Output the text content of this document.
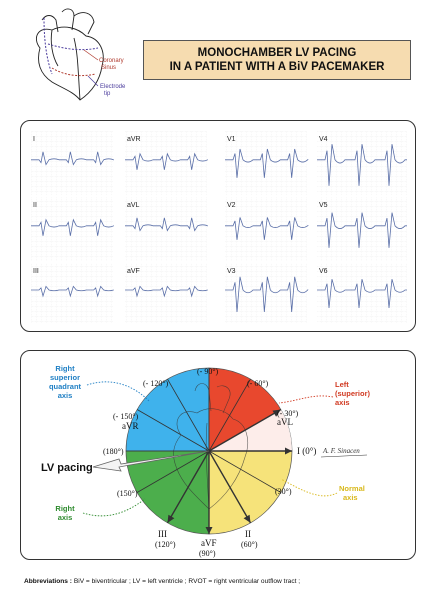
Coronary
Sinus
Electrode
tip
MONOCHAMBER LV PACING
IN A PATIENT WITH A BiV PACEMAKER
I
II
III
aVR
aVL
aVF
V1
V2
V3
V4
V5
V6
LV pacing
(- 90°)
(- 120°)	(- 60°)
(- 150°)
aVR
(- 30°)
aVL
(180°)	I (0°)
(150°)	(30°)
III
(120°)	aVF
(90°)
II
(60°)
Right
superior
quadrant
axis
Left
(superior)
axis
Normal
axis
Right
axis
A. F. Sinacen
Abbreviations : BiV = biventricular ; LV = left ventricle ; RVOT = right ventricular outflow tract ;
